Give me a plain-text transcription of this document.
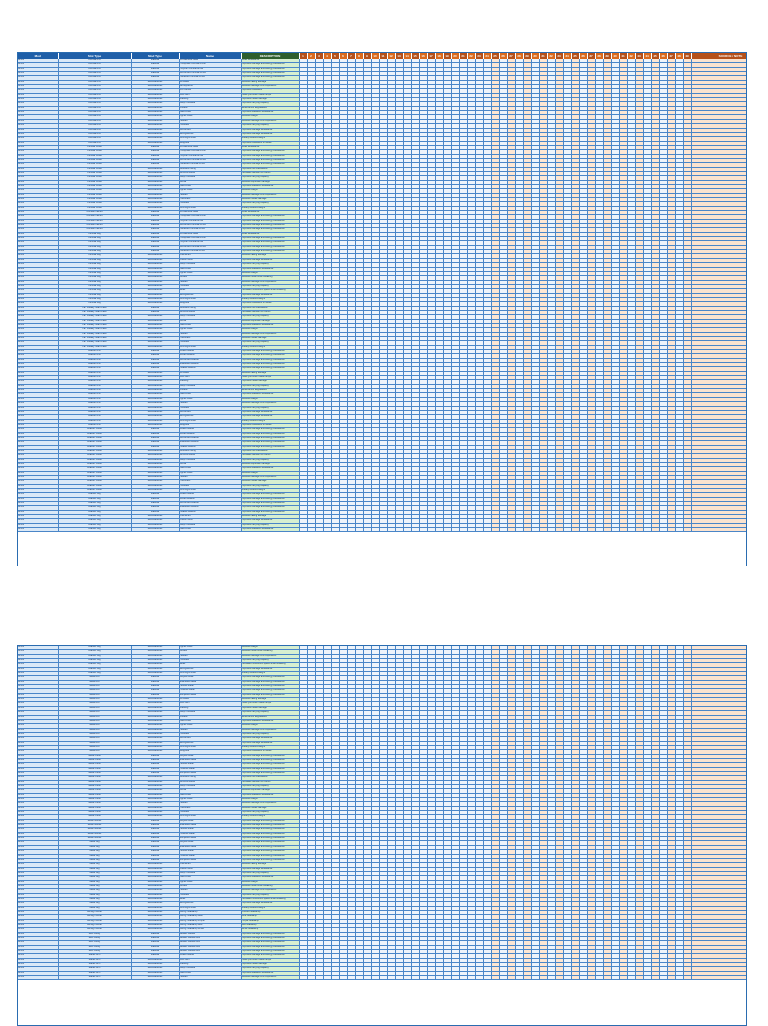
Mod	Slot Type	Mod Type	Name	DESCRIPTION	1	2	3	4	5	6	7	8	9	10	11	12	13	14	15	16	17	18	19	20	21	22	23	24	25	26	27	28	29	30	31	32	33	34	35	36	37	38	39	40	41	42	43	44	45	46	47	48	49	SOURCE / NOTE
Armor	Combat Arm	Material	Architectural Steel	Bullet Resistance																																																		
Armor	Combat Arm	Material	Phosphate Combat Armor	Improves Damage and Energy Resistance																																																		
Armor	Combat Arm	Material	Polymer Combat Armor	Improves Damage and Energy Resistance																																																		
Armor	Combat Arm	Material	Reinforced Combat Armor	Improves Damage and Energy Resistance																																																		
Armor	Combat Arm	Material	Hardened Combat Armor	Improves Damage and Energy Resistance																																																		
Armor	Combat Arm	Miscellaneous	Acrobatic	Reduces falling damage																																																		
Armor	Combat Arm	Miscellaneous	Aerodynamic	Reduces damage from explosions																																																		
Armor	Combat Arm	Miscellaneous	Arm Dense	Improves resistance																																																		
Armor	Combat Arm	Miscellaneous	Auto Stim	Heals you when health drops																																																		
Armor	Combat Arm	Miscellaneous	Brawling	Improves melee damage																																																		
Armor	Combat Arm	Miscellaneous	Deep Pocketed	Improves carrying capacity																																																		
Armor	Combat Arm	Miscellaneous	Durable	Slows armor degradation																																																		
Armor	Combat Arm	Miscellaneous	Lead Lined	Improves Radiation Resistance																																																		
Armor	Combat Arm	Miscellaneous	Lighter Build	Reduces weight																																																		
Armor	Combat Arm	Miscellaneous	Padded	Reduces damage from explosions																																																		
Armor	Combat Arm	Miscellaneous	Pocketed	Improves carrying capacity																																																		
Armor	Combat Arm	Miscellaneous	Reinforced	Improves Damage Resistance																																																		
Armor	Combat Arm	Miscellaneous	Strengthened	Improves Damage Resistance																																																		
Armor	Combat Arm	Miscellaneous	Ultra Light Build	Greatly reduces weight																																																		
Armor	Combat Arm	Miscellaneous	Weighted	Improves resistance to melee																																																		
Armor	Combat Chest	Material	Architectural Steel	Bullet Resistance																																																		
Armor	Combat Chest	Material	Phosphate Combat Armor	Improves Damage and Energy Resistance																																																		
Armor	Combat Chest	Material	Polymer Combat Armor	Improves Damage and Energy Resistance																																																		
Armor	Combat Chest	Material	Reinforced Combat Armor	Improves Damage and Energy Resistance																																																		
Armor	Combat Chest	Material	Hardened Combat Armor	Improves Damage and Energy Resistance																																																		
Armor	Combat Chest	Miscellaneous	Asbestos Lining	Improves Fire Resistance																																																		
Armor	Combat Chest	Miscellaneous	BioCommMesh	Increases duration of chems																																																		
Armor	Combat Chest	Miscellaneous	Deep Pocketed	Improves carrying capacity																																																		
Armor	Combat Chest	Miscellaneous	Dense	Reduces explosion damage																																																		
Armor	Combat Chest	Miscellaneous	Lead Lined	Improves Radiation Resistance																																																		
Armor	Combat Chest	Miscellaneous	Lighter Build	Reduces weight																																																		
Armor	Combat Chest	Miscellaneous	Padded	Reduces damage from explosions																																																		
Armor	Combat Chest	Miscellaneous	Pneumatic	Reduces melee damage																																																		
Armor	Combat Chest	Miscellaneous	Pocketed	Improves carrying capacity																																																		
Armor	Combat Chest	Miscellaneous	Ultra Light Build	Greatly reduces weight																																																		
Armor	Combat Helmet	Material	Architectural Steel	Bullet Resistance																																																		
Armor	Combat Helmet	Material	Phosphate Combat Armor	Improves Damage and Energy Resistance																																																		
Armor	Combat Helmet	Material	Polymer Combat Armor	Improves Damage and Energy Resistance																																																		
Armor	Combat Helmet	Material	Reinforced Combat Armor	Improves Damage and Energy Resistance																																																		
Armor	Combat Helmet	Material	Hardened Combat Armor	Improves Damage and Energy Resistance																																																		
Armor	Combat Leg	Material	Architectural Steel	Bullet Resistance																																																		
Armor	Combat Leg	Material	Phosphate Combat Armor	Improves Damage and Energy Resistance																																																		
Armor	Combat Leg	Material	Polymer Combat Armor	Improves Damage and Energy Resistance																																																		
Armor	Combat Leg	Material	Reinforced Combat Armor	Improves Damage and Energy Resistance																																																		
Armor	Combat Leg	Material	Hardened Combat Armor	Improves Damage and Energy Resistance																																																		
Armor	Combat Leg	Miscellaneous	Cushioned	Reduces falling damage																																																		
Armor	Combat Leg	Miscellaneous	Custom Built	Improves Damage Resistance																																																		
Armor	Combat Leg	Miscellaneous	Deep Pocketed	Improves carrying capacity																																																		
Armor	Combat Leg	Miscellaneous	Lead Lined	Improves Radiation Resistance																																																		
Armor	Combat Leg	Miscellaneous	Lighter Build	Reduces weight																																																		
Armor	Combat Leg	Miscellaneous	Muffled	Reduces noise while sneaking																																																		
Armor	Combat Leg	Miscellaneous	Padded	Reduces damage from explosions																																																		
Armor	Combat Leg	Miscellaneous	Pocketed	Improves carrying capacity																																																		
Armor	Combat Leg	Miscellaneous	Sleek	Increased movement speed while sneaking																																																		
Armor	Combat Leg	Miscellaneous	Strengthened	Improves Damage Resistance																																																		
Armor	Combat Leg	Miscellaneous	Ultra Light Build	Greatly reduces weight																																																		
Armor	Combat Leg	Miscellaneous	Weighted	Improves resistance to melee																																																		
Armor	FE: Sneaky Heart Pads	Material	Asbestos Lining	Improves Fire Resistance																																																		
Armor	FE: Sneaky Heart Pads	Material	BioCommMesh	Increases duration of chems																																																		
Armor	FE: Sneaky Heart Pads	Miscellaneous	Deep Pocketed	Improves carrying capacity																																																		
Armor	FE: Sneaky Heart Pads	Miscellaneous	Dense	Reduces explosion damage																																																		
Armor	FE: Sneaky Heart Pads	Miscellaneous	Lead Lined	Improves Radiation Resistance																																																		
Armor	FE: Sneaky Heart Pads	Miscellaneous	Lighter Build	Reduces weight																																																		
Armor	FE: Sneaky Heart Pads	Miscellaneous	Padded	Reduces damage from explosions																																																		
Armor	FE: Sneaky Heart Pads	Miscellaneous	Pneumatic	Reduces melee damage																																																		
Armor	FE: Sneaky Heart Pads	Miscellaneous	Pocketed	Improves carrying capacity																																																		
Armor	FE: Sneaky Heart Pads	Miscellaneous	Ultra Light Build	Greatly reduces weight																																																		
Armor	Leather Arm	Material	Boiled Leather	Improves Damage and Energy Resistance																																																		
Armor	Leather Arm	Material	Girded Leather	Improves Damage and Energy Resistance																																																		
Armor	Leather Arm	Material	Reinforced Leather	Improves Damage and Energy Resistance																																																		
Armor	Leather Arm	Material	Shadowed Leather	Improves Damage and Energy Resistance																																																		
Armor	Leather Arm	Material	Treated Leather	Improves Damage and Energy Resistance																																																		
Armor	Leather Arm	Miscellaneous	Acrobatic	Reduces falling damage																																																		
Armor	Leather Arm	Miscellaneous	Auto Stim	Heals you when health drops																																																		
Armor	Leather Arm	Miscellaneous	Brawling	Improves melee damage																																																		
Armor	Leather Arm	Miscellaneous	Deep Pocketed	Improves carrying capacity																																																		
Armor	Leather Arm	Miscellaneous	Durable	Slows armor degradation																																																		
Armor	Leather Arm	Miscellaneous	Lead Lined	Improves Radiation Resistance																																																		
Armor	Leather Arm	Miscellaneous	Lighter Build	Reduces weight																																																		
Armor	Leather Arm	Miscellaneous	Padded	Reduces damage from explosions																																																		
Armor	Leather Arm	Miscellaneous	Pocketed	Improves carrying capacity																																																		
Armor	Leather Arm	Miscellaneous	Reinforced	Improves Damage Resistance																																																		
Armor	Leather Arm	Miscellaneous	Strengthened	Improves Damage Resistance																																																		
Armor	Leather Arm	Miscellaneous	Ultra Light Build	Greatly reduces weight																																																		
Armor	Leather Arm	Miscellaneous	Weighted	Improves resistance to melee																																																		
Armor	Leather Chest	Material	Boiled Leather	Improves Damage and Energy Resistance																																																		
Armor	Leather Chest	Material	Girded Leather	Improves Damage and Energy Resistance																																																		
Armor	Leather Chest	Material	Reinforced Leather	Improves Damage and Energy Resistance																																																		
Armor	Leather Chest	Material	Shadowed Leather	Improves Damage and Energy Resistance																																																		
Armor	Leather Chest	Material	Treated Leather	Improves Damage and Energy Resistance																																																		
Armor	Leather Chest	Miscellaneous	Asbestos Lining	Improves Fire Resistance																																																		
Armor	Leather Chest	Miscellaneous	BioCommMesh	Increases duration of chems																																																		
Armor	Leather Chest	Miscellaneous	Deep Pocketed	Improves carrying capacity																																																		
Armor	Leather Chest	Miscellaneous	Dense	Reduces explosion damage																																																		
Armor	Leather Chest	Miscellaneous	Lead Lined	Improves Radiation Resistance																																																		
Armor	Leather Chest	Miscellaneous	Lighter Build	Reduces weight																																																		
Armor	Leather Chest	Miscellaneous	Padded	Reduces damage from explosions																																																		
Armor	Leather Chest	Miscellaneous	Pneumatic	Reduces melee damage																																																		
Armor	Leather Chest	Miscellaneous	Pocketed	Improves carrying capacity																																																		
Armor	Leather Chest	Miscellaneous	Ultra Light Build	Greatly reduces weight																																																		
Armor	Leather Leg	Material	Boiled Leather	Improves Damage and Energy Resistance																																																		
Armor	Leather Leg	Material	Girded Leather	Improves Damage and Energy Resistance																																																		
Armor	Leather Leg	Material	Reinforced Leather	Improves Damage and Energy Resistance																																																		
Armor	Leather Leg	Material	Shadowed Leather	Improves Damage and Energy Resistance																																																		
Armor	Leather Leg	Material	Treated Leather	Improves Damage and Energy Resistance																																																		
Armor	Leather Leg	Miscellaneous	Cushioned	Reduces falling damage																																																		
Armor	Leather Leg	Miscellaneous	Custom Built	Improves Damage Resistance																																																		
Armor	Leather Leg	Miscellaneous	Deep Pocketed	Improves carrying capacity																																																		
Armor	Leather Leg	Miscellaneous	Lead Lined	Improves Radiation Resistance																																																		
Armor	Leather Leg	Miscellaneous	Lighter Build	Reduces weight																																																		
Armor	Leather Leg	Miscellaneous	Muffled	Reduces noise while sneaking																																																		
Armor	Leather Leg	Miscellaneous	Padded	Reduces damage from explosions																																																		
Armor	Leather Leg	Miscellaneous	Pocketed	Improves carrying capacity																																																		
Armor	Leather Leg	Miscellaneous	Sleek	Increased movement speed while sneaking																																																		
Armor	Leather Leg	Miscellaneous	Strengthened	Improves Damage Resistance																																																		
Armor	Leather Leg	Miscellaneous	Ultra Light Build	Greatly reduces weight																																																		
Armor	Metal Arm	Material	Alloyed Metal	Improves Damage and Energy Resistance																																																		
Armor	Metal Arm	Material	Enameled Metal	Improves Damage and Energy Resistance																																																		
Armor	Metal Arm	Material	Painted Metal	Improves Damage and Energy Resistance																																																		
Armor	Metal Arm	Material	Polished Metal	Improves Damage and Energy Resistance																																																		
Armor	Metal Arm	Material	Tempered Metal	Improves Damage and Energy Resistance																																																		
Armor	Metal Arm	Miscellaneous	Acrobatic	Reduces falling damage																																																		
Armor	Metal Arm	Miscellaneous	Auto Stim	Heals you when health drops																																																		
Armor	Metal Arm	Miscellaneous	Brawling	Improves melee damage																																																		
Armor	Metal Arm	Miscellaneous	Deep Pocketed	Improves carrying capacity																																																		
Armor	Metal Arm	Miscellaneous	Durable	Slows armor degradation																																																		
Armor	Metal Arm	Miscellaneous	Lead Lined	Improves Radiation Resistance																																																		
Armor	Metal Arm	Miscellaneous	Lighter Build	Reduces weight																																																		
Armor	Metal Arm	Miscellaneous	Padded	Reduces damage from explosions																																																		
Armor	Metal Arm	Miscellaneous	Pocketed	Improves carrying capacity																																																		
Armor	Metal Arm	Miscellaneous	Reinforced	Improves Damage Resistance																																																		
Armor	Metal Arm	Miscellaneous	Strengthened	Improves Damage Resistance																																																		
Armor	Metal Arm	Miscellaneous	Ultra Light Build	Greatly reduces weight																																																		
Armor	Metal Arm	Miscellaneous	Weighted	Improves resistance to melee																																																		
Armor	Metal Chest	Material	Alloyed Metal	Improves Damage and Energy Resistance																																																		
Armor	Metal Chest	Material	Enameled Metal	Improves Damage and Energy Resistance																																																		
Armor	Metal Chest	Material	Painted Metal	Improves Damage and Energy Resistance																																																		
Armor	Metal Chest	Material	Polished Metal	Improves Damage and Energy Resistance																																																		
Armor	Metal Chest	Material	Tempered Metal	Improves Damage and Energy Resistance																																																		
Armor	Metal Chest	Miscellaneous	Asbestos Lining	Improves Fire Resistance																																																		
Armor	Metal Chest	Miscellaneous	BioCommMesh	Increases duration of chems																																																		
Armor	Metal Chest	Miscellaneous	Deep Pocketed	Improves carrying capacity																																																		
Armor	Metal Chest	Miscellaneous	Dense	Reduces explosion damage																																																		
Armor	Metal Chest	Miscellaneous	Lead Lined	Improves Radiation Resistance																																																		
Armor	Metal Chest	Miscellaneous	Lighter Build	Reduces weight																																																		
Armor	Metal Chest	Miscellaneous	Padded	Reduces damage from explosions																																																		
Armor	Metal Chest	Miscellaneous	Pneumatic	Reduces melee damage																																																		
Armor	Metal Chest	Miscellaneous	Pocketed	Improves carrying capacity																																																		
Armor	Metal Chest	Miscellaneous	Ultra Light Build	Greatly reduces weight																																																		
Armor	Metal Helmet	Material	Alloyed Metal	Improves Damage and Energy Resistance																																																		
Armor	Metal Helmet	Material	Enameled Metal	Improves Damage and Energy Resistance																																																		
Armor	Metal Helmet	Material	Painted Metal	Improves Damage and Energy Resistance																																																		
Armor	Metal Helmet	Material	Polished Metal	Improves Damage and Energy Resistance																																																		
Armor	Metal Helmet	Material	Tempered Metal	Improves Damage and Energy Resistance																																																		
Armor	Metal Leg	Material	Alloyed Metal	Improves Damage and Energy Resistance																																																		
Armor	Metal Leg	Material	Enameled Metal	Improves Damage and Energy Resistance																																																		
Armor	Metal Leg	Material	Painted Metal	Improves Damage and Energy Resistance																																																		
Armor	Metal Leg	Material	Polished Metal	Improves Damage and Energy Resistance																																																		
Armor	Metal Leg	Material	Tempered Metal	Improves Damage and Energy Resistance																																																		
Armor	Metal Leg	Miscellaneous	Cushioned	Reduces falling damage																																																		
Armor	Metal Leg	Miscellaneous	Custom Built	Improves Damage Resistance																																																		
Armor	Metal Leg	Miscellaneous	Deep Pocketed	Improves carrying capacity																																																		
Armor	Metal Leg	Miscellaneous	Lead Lined	Improves Radiation Resistance																																																		
Armor	Metal Leg	Miscellaneous	Lighter Build	Reduces weight																																																		
Armor	Metal Leg	Miscellaneous	Muffled	Reduces noise while sneaking																																																		
Armor	Metal Leg	Miscellaneous	Padded	Reduces damage from explosions																																																		
Armor	Metal Leg	Miscellaneous	Pocketed	Improves carrying capacity																																																		
Armor	Metal Leg	Miscellaneous	Sleek	Increased movement speed while sneaking																																																		
Armor	Metal Leg	Miscellaneous	Strengthened	Improves Damage Resistance																																																		
Armor	Metal Leg	Miscellaneous	Ultra Light Build	Greatly reduces weight																																																		
Armor	Mining Helmet	Miscellaneous	Mining Headlamp	Colored headlamp																																																		
Armor	Mining Helmet	Miscellaneous	Mining Headlamp Blue	Blue headlamp																																																		
Armor	Mining Helmet	Miscellaneous	Mining Headlamp Purple	Purple headlamp																																																		
Armor	Mining Helmet	Miscellaneous	Mining Headlamp Red	Red headlamp																																																		
Armor	Mining Helmet	Miscellaneous	Mining Headlamp White	White headlamp																																																		
Armor	Misc Vanity	Material	Ballistic Weave	Improves Damage and Energy Resistance																																																		
Armor	Misc Vanity	Material	Ballistic Weave Mk2	Improves Damage and Energy Resistance																																																		
Armor	Misc Vanity	Material	Ballistic Weave Mk3	Improves Damage and Energy Resistance																																																		
Armor	Misc Vanity	Material	Ballistic Weave Mk4	Improves Damage and Energy Resistance																																																		
Armor	Misc Vanity	Material	Ballistic Weave Mk5	Improves Damage and Energy Resistance																																																		
Armor	Raider Arm	Material	Boiled Leather	Improves Damage and Energy Resistance																																																		
Armor	Raider Arm	Miscellaneous	Auto Stim	Heals you when health drops																																																		
Armor	Raider Arm	Miscellaneous	Brawling	Improves melee damage																																																		
Armor	Raider Arm	Miscellaneous	Deep Pocketed	Improves carrying capacity																																																		
Armor	Raider Arm	Miscellaneous	Lead Lined	Improves Radiation Resistance																																																		
Armor	Raider Arm	Miscellaneous	Padded	Reduces damage from explosions																																																		
